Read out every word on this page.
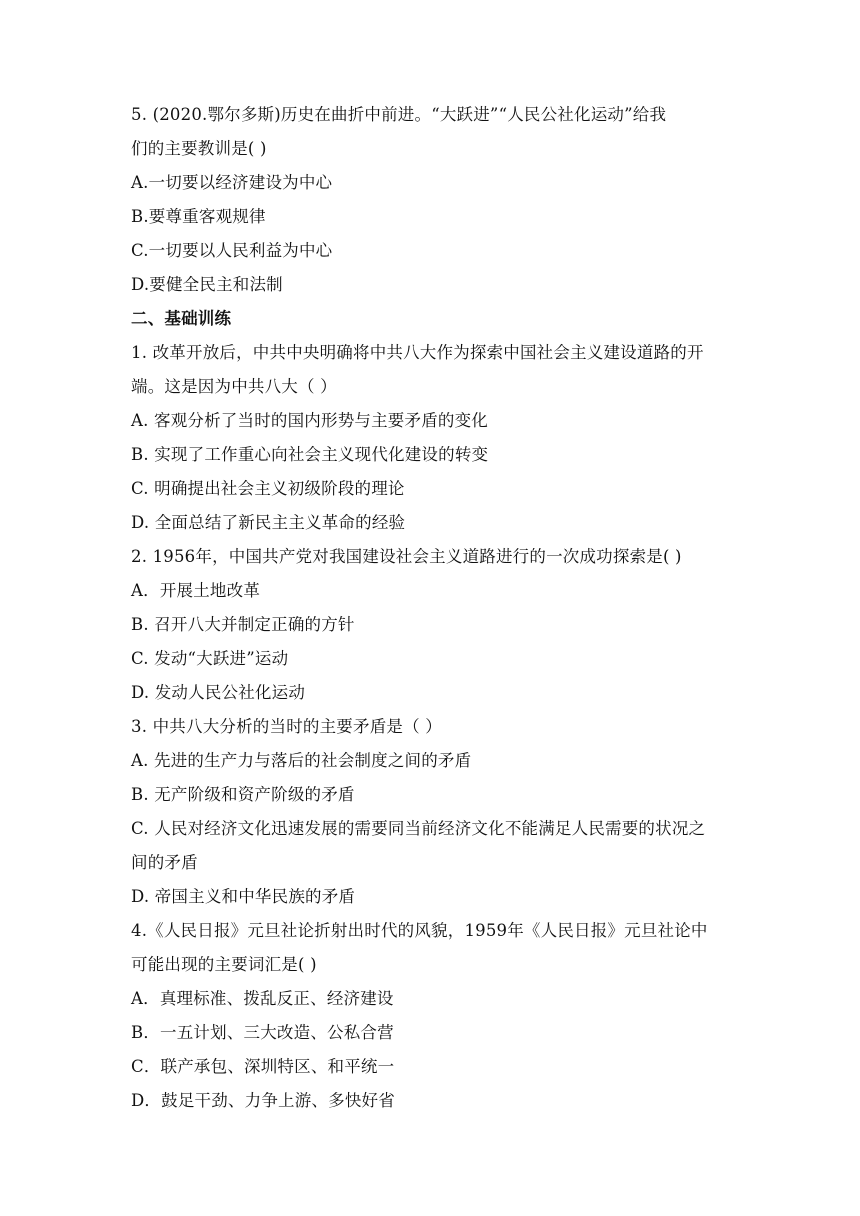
5. (2020.鄂尔多斯)历史在曲折中前进。“大跃进”“人民公社化运动”给我
们的主要教训是( )
A.一切要以经济建设为中心
B.要尊重客观规律
C.一切要以人民利益为中心
D.要健全民主和法制
二、基础训练
1. 改革开放后，中共中央明确将中共八大作为探索中国社会主义建设道路的开
端。这是因为中共八大（ ）
A. 客观分析了当时的国内形势与主要矛盾的变化
B. 实现了工作重心向社会主义现代化建设的转变
C. 明确提出社会主义初级阶段的理论
D. 全面总结了新民主主义革命的经验
2. 1956年，中国共产党对我国建设社会主义道路进行的一次成功探索是( )
A．开展土地改革
B. 召开八大并制定正确的方针
C. 发动“大跃进”运动
D. 发动人民公社化运动
3. 中共八大分析的当时的主要矛盾是（ ）
A. 先进的生产力与落后的社会制度之间的矛盾
B. 无产阶级和资产阶级的矛盾
C. 人民对经济文化迅速发展的需要同当前经济文化不能满足人民需要的状况之
间的矛盾
D. 帝国主义和中华民族的矛盾
4.《人民日报》元旦社论折射出时代的风貌，1959年《人民日报》元旦社论中
可能出现的主要词汇是( )
A．真理标准、拨乱反正、经济建设
B．一五计划、三大改造、公私合营
C．联产承包、深圳特区、和平统一
D．鼓足干劲、力争上游、多快好省
